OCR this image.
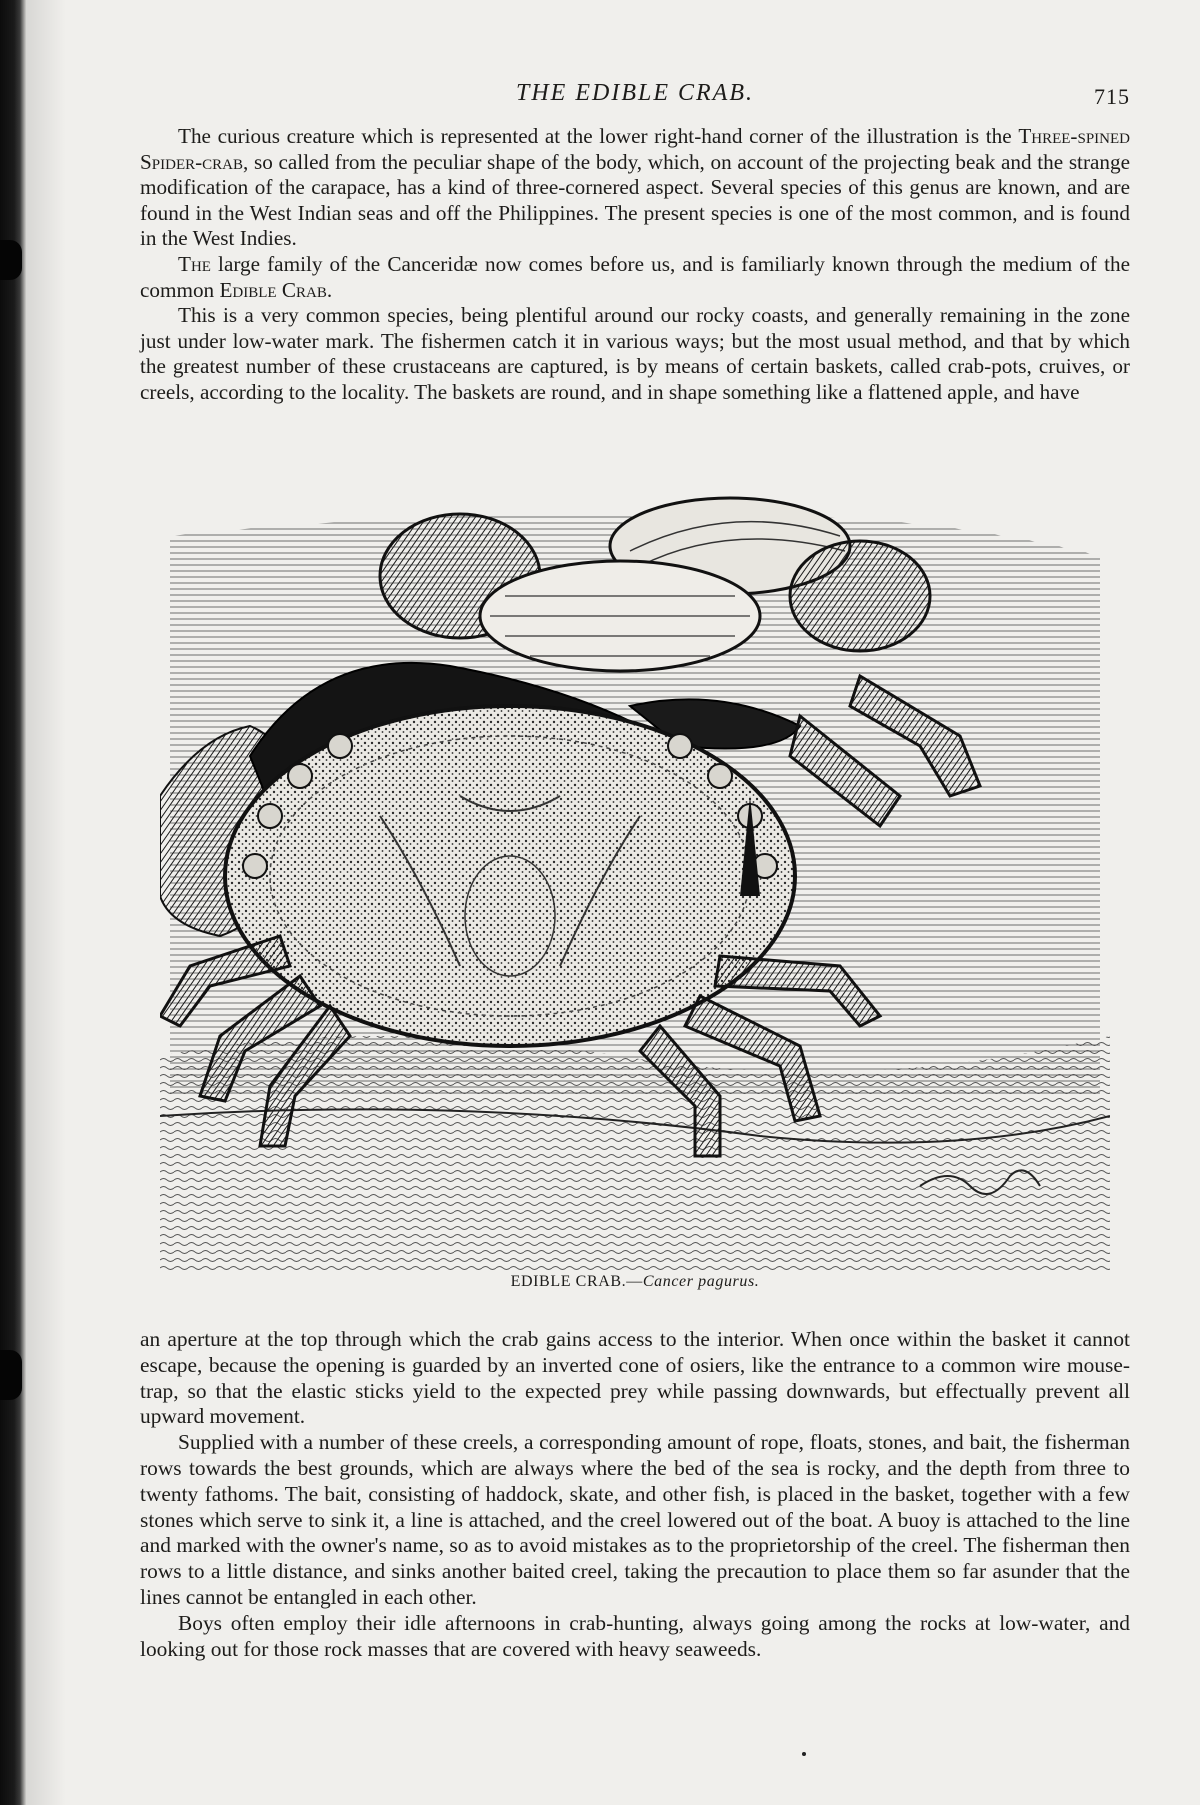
THE EDIBLE CRAB.	715

The curious creature which is represented at the lower right-hand corner of the illustration is the Three-spined Spider-crab, so called from the peculiar shape of the body, which, on account of the projecting beak and the strange modification of the carapace, has a kind of three-cornered aspect. Several species of this genus are known, and are found in the West Indian seas and off the Philippines. The present species is one of the most common, and is found in the West Indies.

The large family of the Canceridæ now comes before us, and is familiarly known through the medium of the common Edible Crab.

This is a very common species, being plentiful around our rocky coasts, and generally remaining in the zone just under low-water mark. The fishermen catch it in various ways; but the most usual method, and that by which the greatest number of these crustaceans are captured, is by means of certain baskets, called crab-pots, cruives, or creels, according to the locality. The baskets are round, and in shape something like a flattened apple, and have

EDIBLE CRAB.—Cancer pagurus.

an aperture at the top through which the crab gains access to the interior. When once within the basket it cannot escape, because the opening is guarded by an inverted cone of osiers, like the entrance to a common wire mouse-trap, so that the elastic sticks yield to the expected prey while passing downwards, but effectually prevent all upward movement.

Supplied with a number of these creels, a corresponding amount of rope, floats, stones, and bait, the fisherman rows towards the best grounds, which are always where the bed of the sea is rocky, and the depth from three to twenty fathoms. The bait, consisting of haddock, skate, and other fish, is placed in the basket, together with a few stones which serve to sink it, a line is attached, and the creel lowered out of the boat. A buoy is attached to the line and marked with the owner's name, so as to avoid mistakes as to the proprietorship of the creel. The fisherman then rows to a little distance, and sinks another baited creel, taking the precaution to place them so far asunder that the lines cannot be entangled in each other.

Boys often employ their idle afternoons in crab-hunting, always going among the rocks at low-water, and looking out for those rock masses that are covered with heavy seaweeds.
